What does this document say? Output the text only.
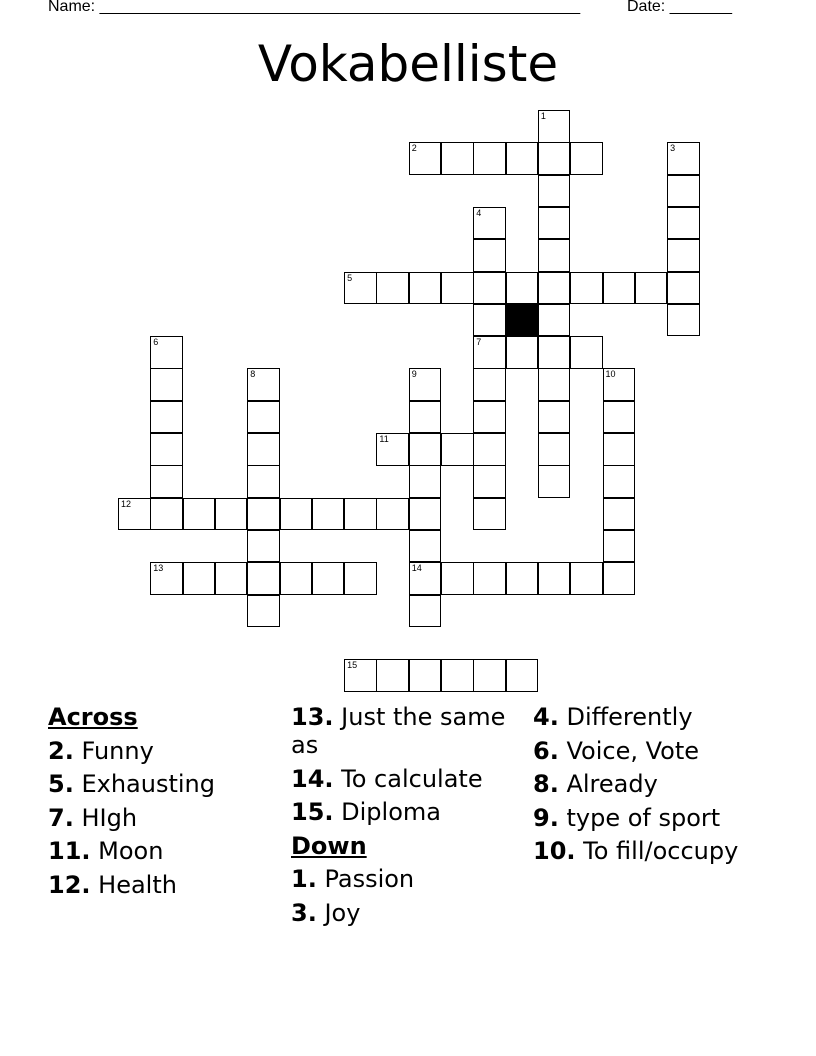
Name: ______________________________________________________	Date: _______
Vokabelliste
2
5
7
11
12
13	14
15
1
3
4
6
8	9	10
Across
2. Funny
5. Exhausting
7. HIgh
11. Moon
12. Health
13. Just the same as
14. To calculate
15. Diploma
Down
1. Passion
3. Joy
4. Differently
6. Voice, Vote
8. Already
9. type of sport
10. To fill/occupy
